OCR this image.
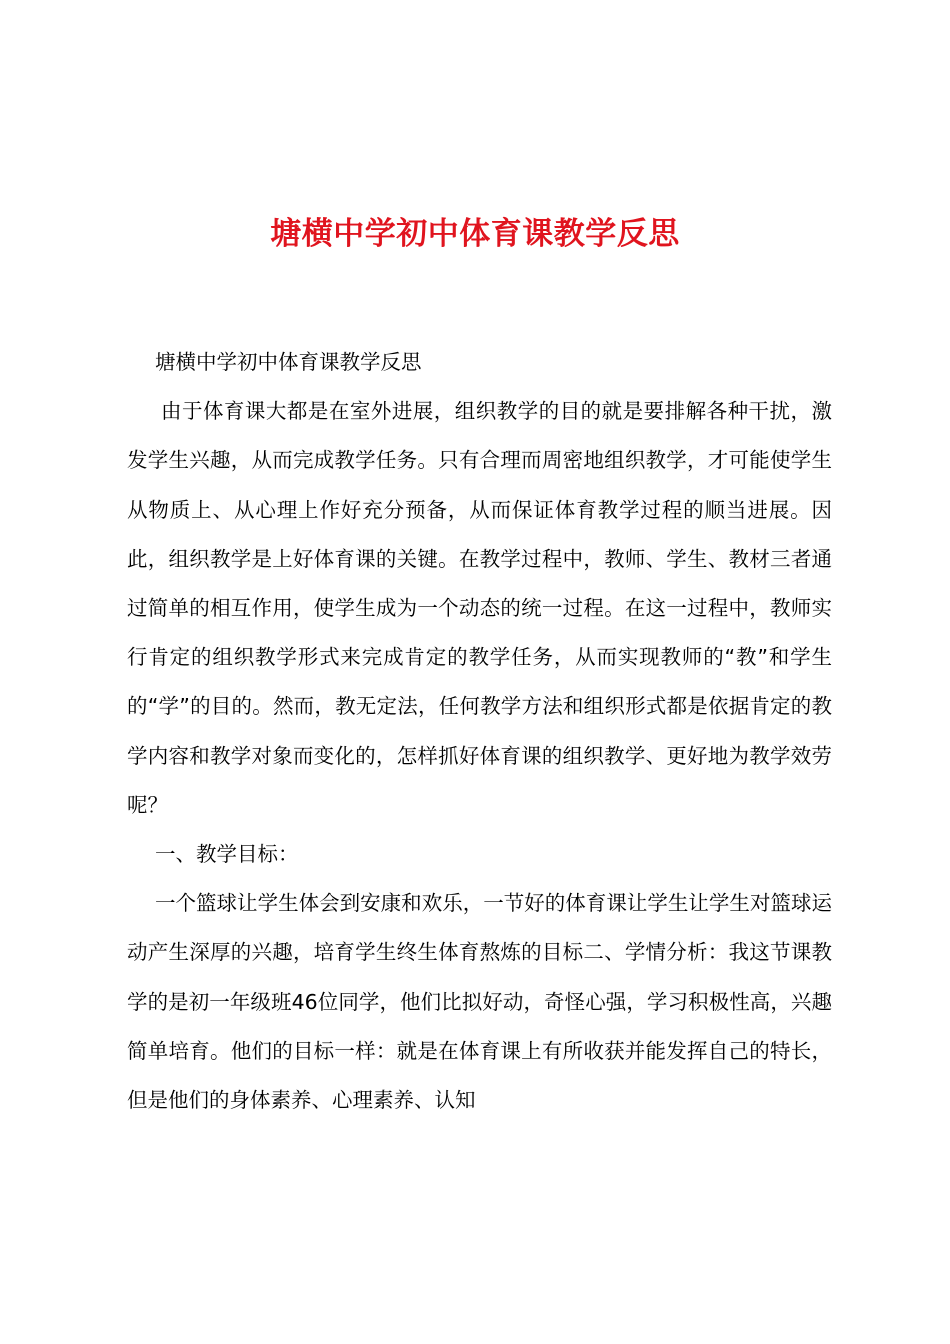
塘横中学初中体育课教学反思

塘横中学初中体育课教学反思

由于体育课大都是在室外进展，组织教学的目的就是要排解各种干扰，激发学生兴趣，从而完成教学任务。只有合理而周密地组织教学，才可能使学生从物质上、从心理上作好充分预备，从而保证体育教学过程的顺当进展。因此，组织教学是上好体育课的关键。在教学过程中，教师、学生、教材三者通过简单的相互作用，使学生成为一个动态的统一过程。在这一过程中，教师实行肯定的组织教学形式来完成肯定的教学任务，从而实现教师的“教”和学生的“学”的目的。然而，教无定法，任何教学方法和组织形式都是依据肯定的教学内容和教学对象而变化的，怎样抓好体育课的组织教学、更好地为教学效劳呢？

一、教学目标：

一个篮球让学生体会到安康和欢乐，一节好的体育课让学生让学生对篮球运动产生深厚的兴趣，培育学生终生体育熬炼的目标二、学情分析：我这节课教学的是初一年级班46位同学，他们比拟好动，奇怪心强，学习积极性高，兴趣简单培育。他们的目标一样：就是在体育课上有所收获并能发挥自己的特长，但是他们的身体素养、心理素养、认知
